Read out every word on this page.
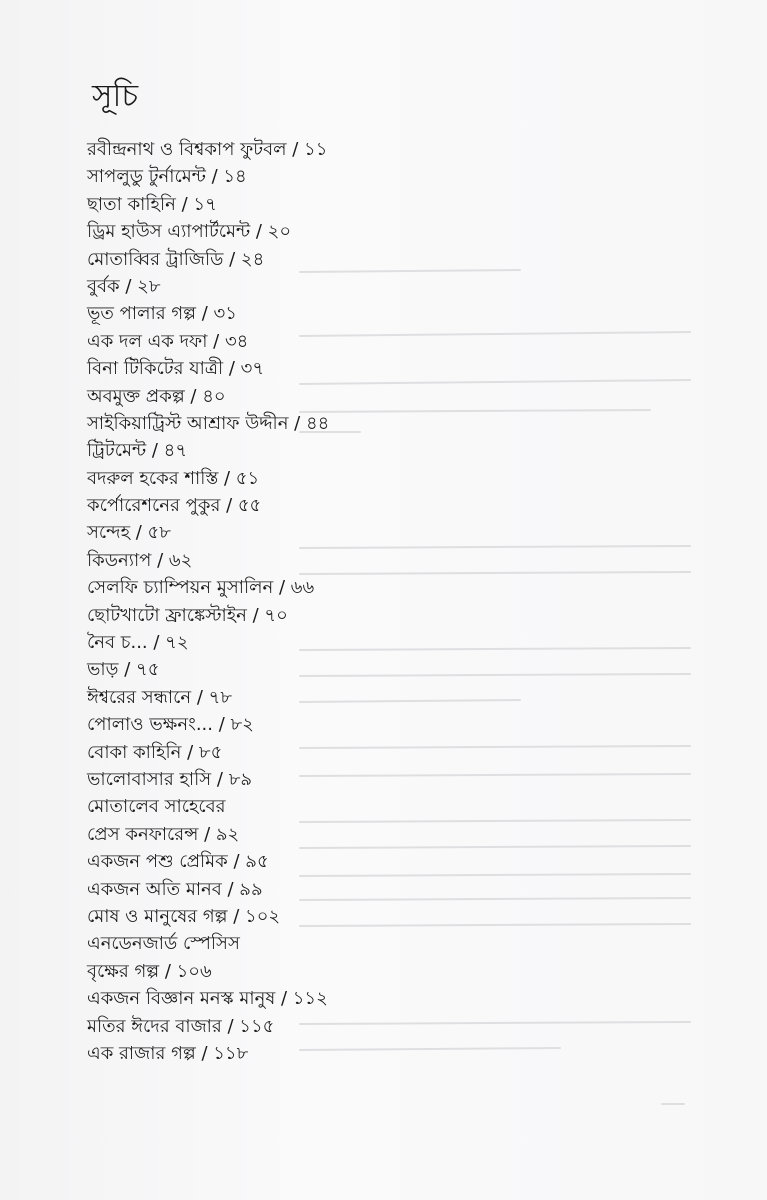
সূচি
রবীন্দ্রনাথ ও বিশ্বকাপ ফুটবল / ১১
সাপলুডু টুর্নামেন্ট / ১৪
ছাতা কাহিনি / ১৭
ড্রিম হাউস এ্যাপার্টমেন্ট / ২০
মোতাব্বির ট্রাজিডি / ২৪
বুর্বক / ২৮
ভূত পালার গল্প / ৩১
এক দল এক দফা / ৩৪
বিনা টিকিটের যাত্রী / ৩৭
অবমুক্ত প্রকল্প / ৪০
সাইকিয়াট্রিস্ট আশ্রাফ উদ্দীন / ৪৪
ট্রিটমেন্ট / ৪৭
বদরুল হকের শাস্তি / ৫১
কর্পোরেশনের পুকুর / ৫৫
সন্দেহ / ৫৮
কিডন্যাপ / ৬২
সেলফি চ্যাম্পিয়ন মুসালিন / ৬৬
ছোটখাটো ফ্রাঙ্কেস্টাইন / ৭০
নৈব চ... / ৭২
ভাড় / ৭৫
ঈশ্বরের সন্ধানে / ৭৮
পোলাও ভক্ষনং... / ৮২
বোকা কাহিনি / ৮৫
ভালোবাসার হাসি / ৮৯
মোতালেব সাহেবের
প্রেস কনফারেন্স / ৯২
একজন পশু প্রেমিক / ৯৫
একজন অতি মানব / ৯৯
মোষ ও মানুষের গল্প / ১০২
এনডেনজার্ড স্পেসিস
বৃক্ষের গল্প / ১০৬
একজন বিজ্ঞান মনস্ক মানুষ / ১১২
মতির ঈদের বাজার / ১১৫
এক রাজার গল্প / ১১৮
